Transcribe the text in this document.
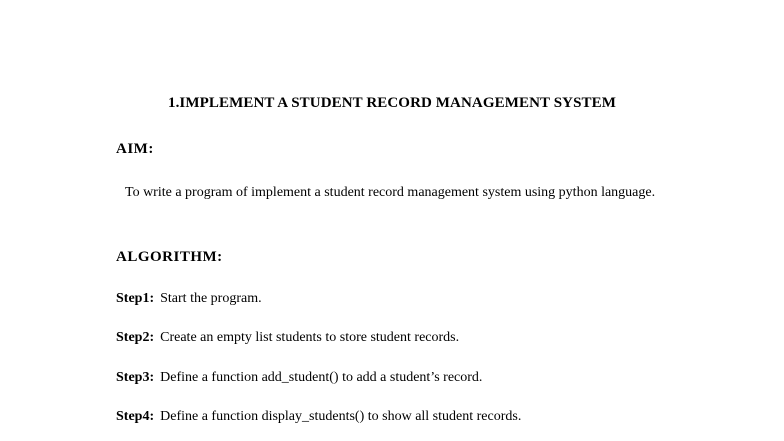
1.IMPLEMENT A STUDENT RECORD MANAGEMENT SYSTEM
AIM:
To write a program of implement a student record management system using python language.
ALGORITHM:
Step1: Start the program.
Step2: Create an empty list students to store student records.
Step3: Define a function add_student() to add a student’s record.
Step4: Define a function display_students() to show all student records.
